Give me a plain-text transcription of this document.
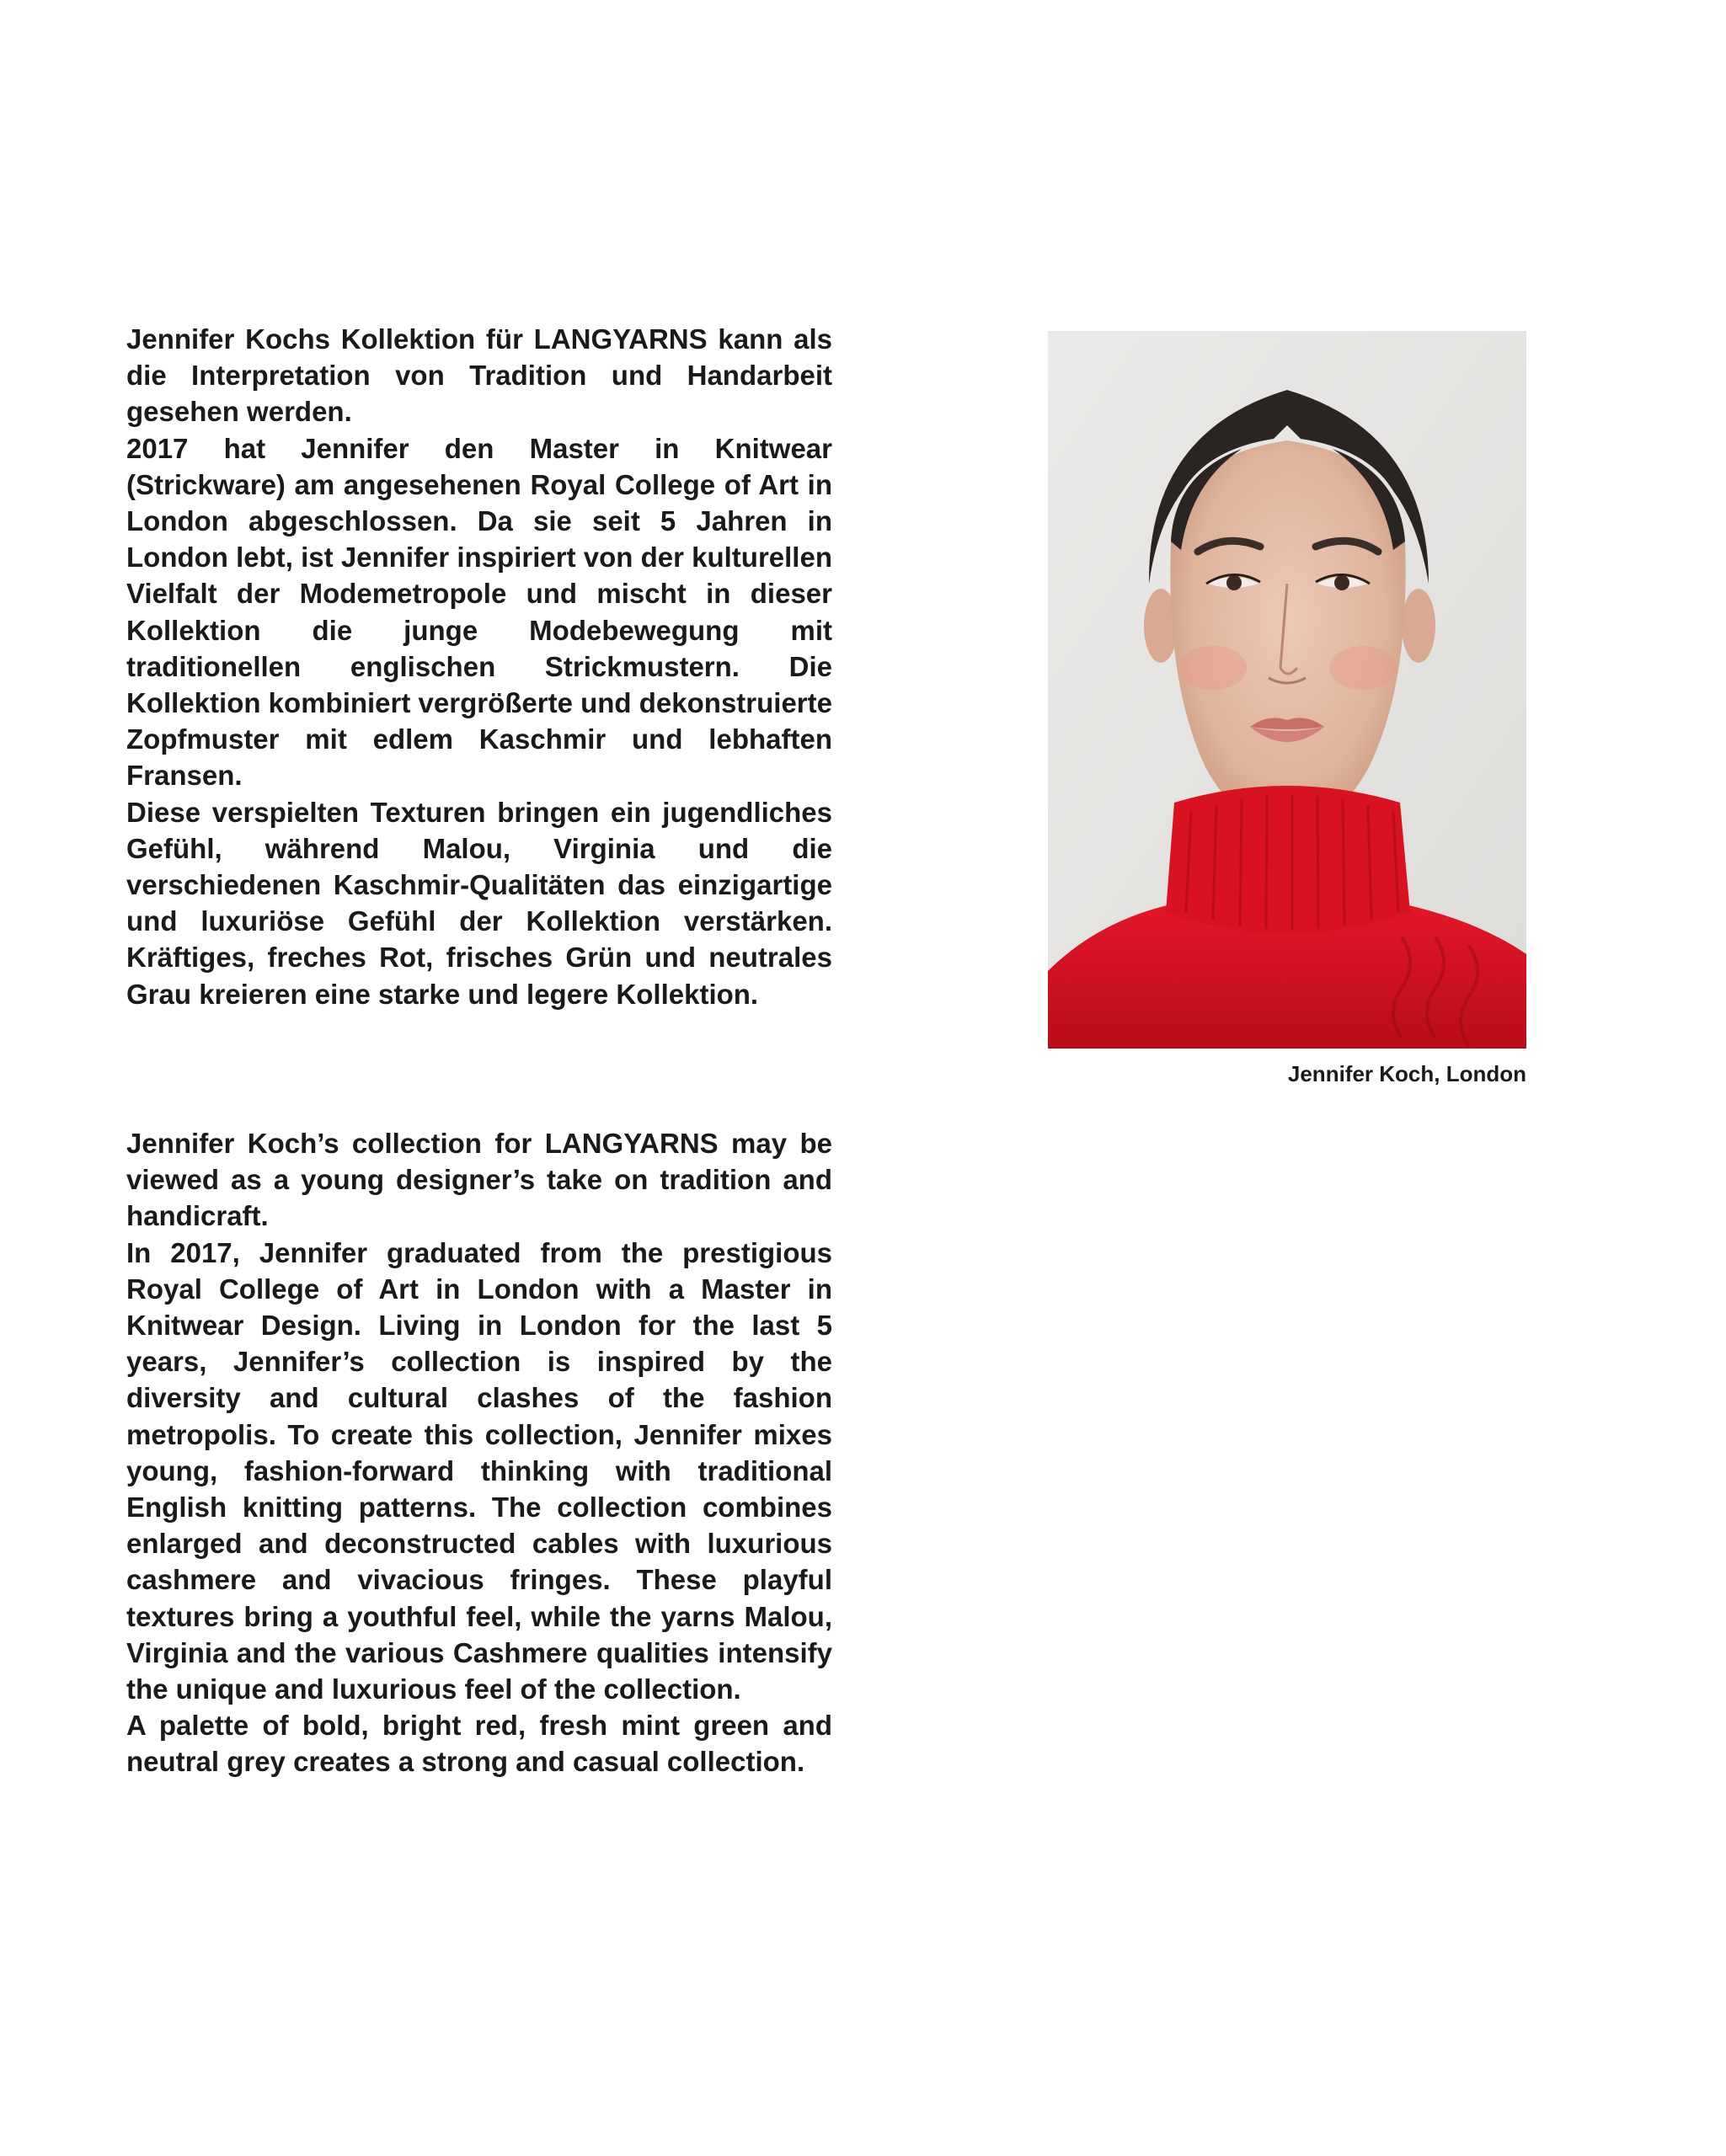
Jennifer Kochs Kollektion für LANGYARNS kann als die Interpretation von Tradition und Handarbeit gesehen werden.

2017 hat Jennifer den Master in Knitwear (Strickware) am angesehenen Royal College of Art in London abgeschlossen. Da sie seit 5 Jahren in London lebt, ist Jennifer inspiriert von der kulturellen Vielfalt der Modemetropole und mischt in dieser Kollektion die junge Modebewegung mit traditionellen englischen Strickmustern. Die Kollektion kombiniert vergrößerte und dekonstruierte Zopfmuster mit edlem Kaschmir und lebhaften Fransen.

Diese verspielten Texturen bringen ein jugendliches Gefühl, während Malou, Virginia und die verschiedenen Kaschmir-Qualitäten das einzigartige und luxuriöse Gefühl der Kollektion verstärken. Kräftiges, freches Rot, frisches Grün und neutrales Grau kreieren eine starke und legere Kollektion.

Jennifer Koch, London

Jennifer Koch’s collection for LANGYARNS may be viewed as a young designer’s take on tradition and handicraft.

In 2017, Jennifer graduated from the prestigious Royal College of Art in London with a Master in Knitwear Design. Living in London for the last 5 years, Jennifer’s collection is inspired by the diversity and cultural clashes of the fashion metropolis. To create this collection, Jennifer mixes young, fashion-forward thinking with traditional English knitting patterns. The collection combines enlarged and deconstructed cables with luxurious cashmere and vivacious fringes. These playful textures bring a youthful feel, while the yarns Malou, Virginia and the various Cashmere qualities intensify the unique and luxurious feel of the collection.

A palette of bold, bright red, fresh mint green and neutral grey creates a strong and casual collection.
